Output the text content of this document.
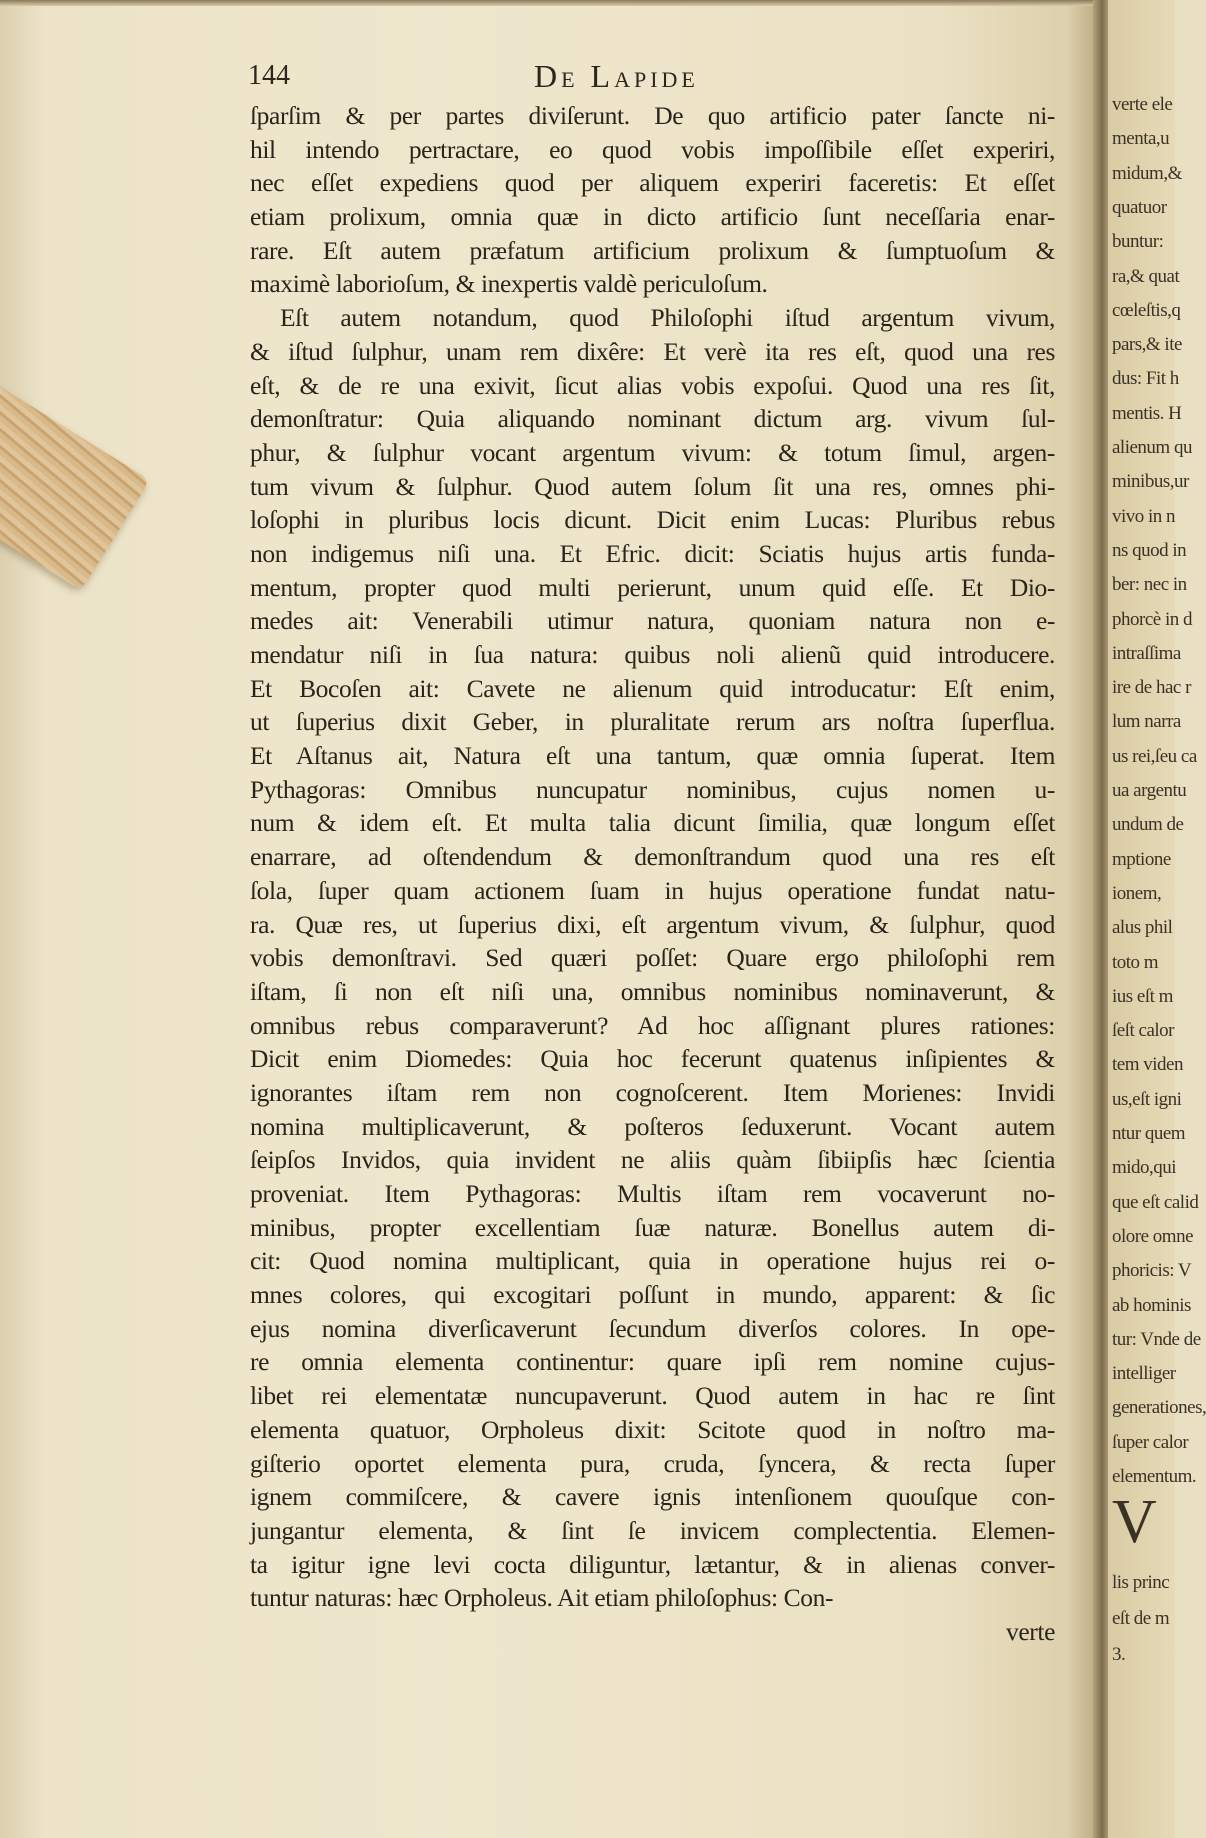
144	De Lapide
ſparſim & per partes diviſerunt. De quo artificio pater ſancte ni-
hil intendo pertractare, eo quod vobis impoſſibile eſſet experiri,
nec eſſet expediens quod per aliquem experiri faceretis: Et eſſet
etiam prolixum, omnia quæ in dicto artificio ſunt neceſſaria enar-
rare. Eſt autem præfatum artificium prolixum & ſumptuoſum &
maximè laborioſum, & inexpertis valdè periculoſum.
Eſt autem notandum, quod Philoſophi iſtud argentum vivum,
& iſtud ſulphur, unam rem dixêre: Et verè ita res eſt, quod una res
eſt, & de re una exivit, ſicut alias vobis expoſui. Quod una res ſit,
demonſtratur: Quia aliquando nominant dictum arg. vivum ſul-
phur, & ſulphur vocant argentum vivum: & totum ſimul, argen-
tum vivum & ſulphur. Quod autem ſolum ſit una res, omnes phi-
loſophi in pluribus locis dicunt. Dicit enim Lucas: Pluribus rebus
non indigemus niſi una. Et Efric. dicit: Sciatis hujus artis funda-
mentum, propter quod multi perierunt, unum quid eſſe. Et Dio-
medes ait: Venerabili utimur natura, quoniam natura non e-
mendatur niſi in ſua natura: quibus noli alienũ quid introducere.
Et Bocoſen ait: Cavete ne alienum quid introducatur: Eſt enim,
ut ſuperius dixit Geber, in pluralitate rerum ars noſtra ſuperflua.
Et Aſtanus ait, Natura eſt una tantum, quæ omnia ſuperat. Item
Pythagoras: Omnibus nuncupatur nominibus, cujus nomen u-
num & idem eſt. Et multa talia dicunt ſimilia, quæ longum eſſet
enarrare, ad oſtendendum & demonſtrandum quod una res eſt
ſola, ſuper quam actionem ſuam in hujus operatione fundat natu-
ra. Quæ res, ut ſuperius dixi, eſt argentum vivum, & ſulphur, quod
vobis demonſtravi. Sed quæri poſſet: Quare ergo philoſophi rem
iſtam, ſi non eſt niſi una, omnibus nominibus nominaverunt, &
omnibus rebus comparaverunt? Ad hoc aſſignant plures rationes:
Dicit enim Diomedes: Quia hoc fecerunt quatenus inſipientes &
ignorantes iſtam rem non cognoſcerent. Item Morienes: Invidi
nomina multiplicaverunt, & poſteros ſeduxerunt. Vocant autem
ſeipſos Invidos, quia invident ne aliis quàm ſibiipſis hæc ſcientia
proveniat. Item Pythagoras: Multis iſtam rem vocaverunt no-
minibus, propter excellentiam ſuæ naturæ. Bonellus autem di-
cit: Quod nomina multiplicant, quia in operatione hujus rei o-
mnes colores, qui excogitari poſſunt in mundo, apparent: & ſic
ejus nomina diverſicaverunt ſecundum diverſos colores. In ope-
re omnia elementa continentur: quare ipſi rem nomine cujus-
libet rei elementatæ nuncupaverunt. Quod autem in hac re ſint
elementa quatuor, Orpholeus dixit: Scitote quod in noſtro ma-
giſterio oportet elementa pura, cruda, ſyncera, & recta ſuper
ignem commiſcere, & cavere ignis intenſionem quouſque con-
jungantur elementa, & ſint ſe invicem complectentia. Elemen-
ta igitur igne levi cocta diliguntur, lætantur, & in alienas conver-
tuntur naturas: hæc Orpholeus. Ait etiam philoſophus: Con-
verte
verte ele
menta,u
midum,&
quatuor
buntur:
ra,& quat
cœleſtis,q
pars,& ite
dus: Fit h
mentis. H
alienum qu
minibus,ur
vivo in n
ns quod in
ber: nec in
phorcè in d
intraſſima
ire de hac r
lum narra
us rei,ſeu ca
ua argentu
undum de
mptione
ionem,
alus phil
toto m
ius eſt m
ſeſt calor
tem viden
us,eſt igni
ntur quem
mido,qui
que eſt calid
olore omne
phoricis: V
ab hominis
tur: Vnde de
intelliger
generationes,
ſuper calor
elementum.
V
lis princ
eſt de m
3.
